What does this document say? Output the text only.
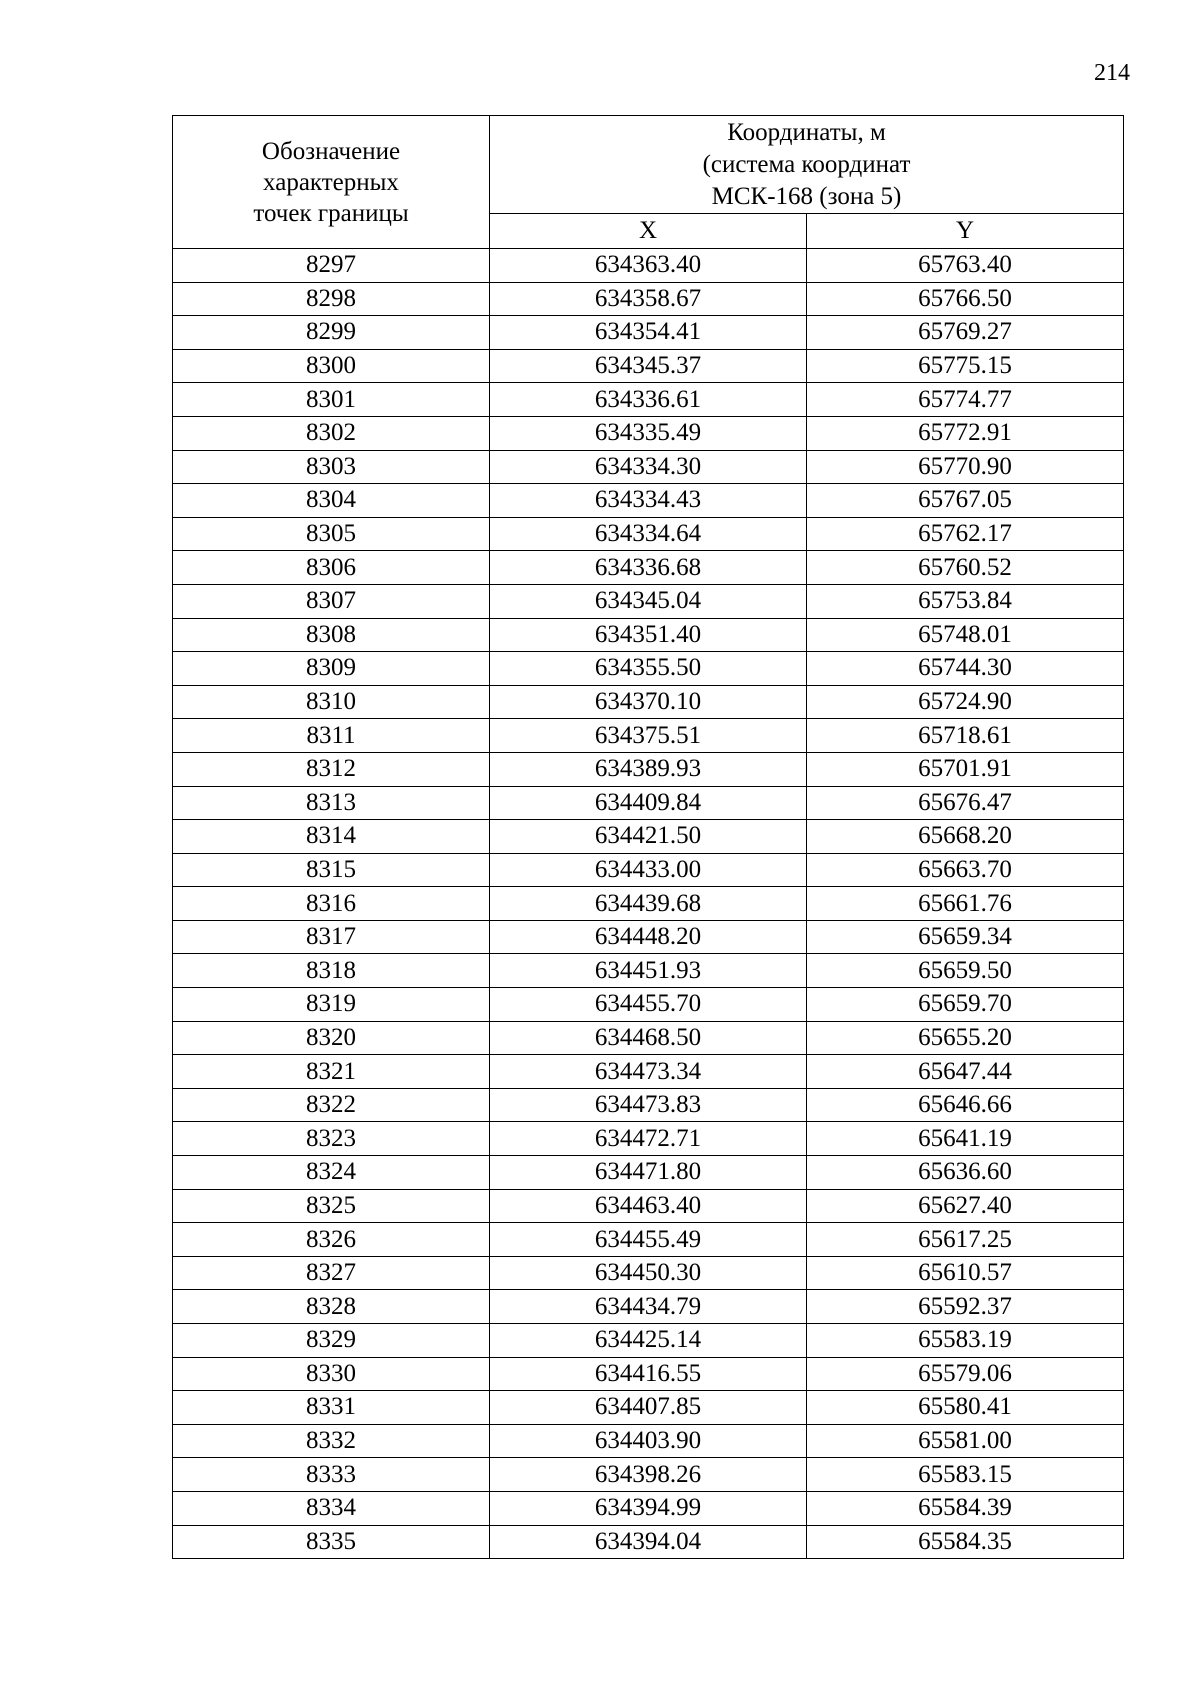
214
Обозначение
характерных
точек границы	Координаты, м
(система координат
МСК-168 (зона 5)	

	X	Y
8297	634363.40	65763.40
8298	634358.67	65766.50
8299	634354.41	65769.27
8300	634345.37	65775.15
8301	634336.61	65774.77
8302	634335.49	65772.91
8303	634334.30	65770.90
8304	634334.43	65767.05
8305	634334.64	65762.17
8306	634336.68	65760.52
8307	634345.04	65753.84
8308	634351.40	65748.01
8309	634355.50	65744.30
8310	634370.10	65724.90
8311	634375.51	65718.61
8312	634389.93	65701.91
8313	634409.84	65676.47
8314	634421.50	65668.20
8315	634433.00	65663.70
8316	634439.68	65661.76
8317	634448.20	65659.34
8318	634451.93	65659.50
8319	634455.70	65659.70
8320	634468.50	65655.20
8321	634473.34	65647.44
8322	634473.83	65646.66
8323	634472.71	65641.19
8324	634471.80	65636.60
8325	634463.40	65627.40
8326	634455.49	65617.25
8327	634450.30	65610.57
8328	634434.79	65592.37
8329	634425.14	65583.19
8330	634416.55	65579.06
8331	634407.85	65580.41
8332	634403.90	65581.00
8333	634398.26	65583.15
8334	634394.99	65584.39
8335	634394.04	65584.35
